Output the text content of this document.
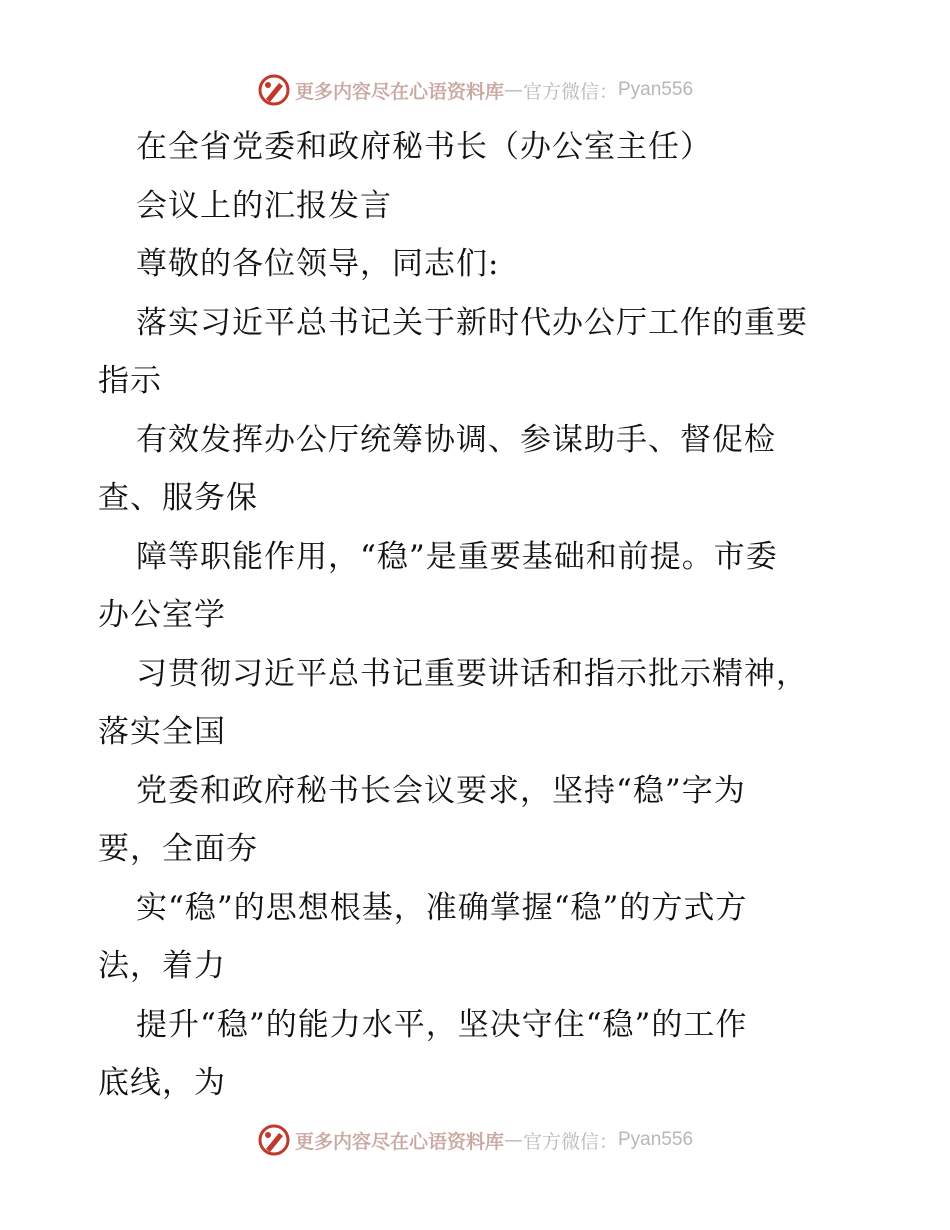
更多内容尽在心语资料库 — 官方微信： Pyan556
在全省党委和政府秘书长（办公室主任）
会议上的汇报发言
尊敬的各位领导，同志们:
落实习近平总书记关于新时代办公厅工作的重要
指示
有效发挥办公厅统筹协调、参谋助手、督促检
查、服务保
障等职能作用，“稳”是重要基础和前提。市委
办公室学
习贯彻习近平总书记重要讲话和指示批示精神，
落实全国
党委和政府秘书长会议要求，坚持“稳”字为
要，全面夯
实“稳”的思想根基，准确掌握“稳”的方式方
法，着力
提升“稳”的能力水平，坚决守住“稳”的工作
底线，为
更多内容尽在心语资料库 — 官方微信： Pyan556
